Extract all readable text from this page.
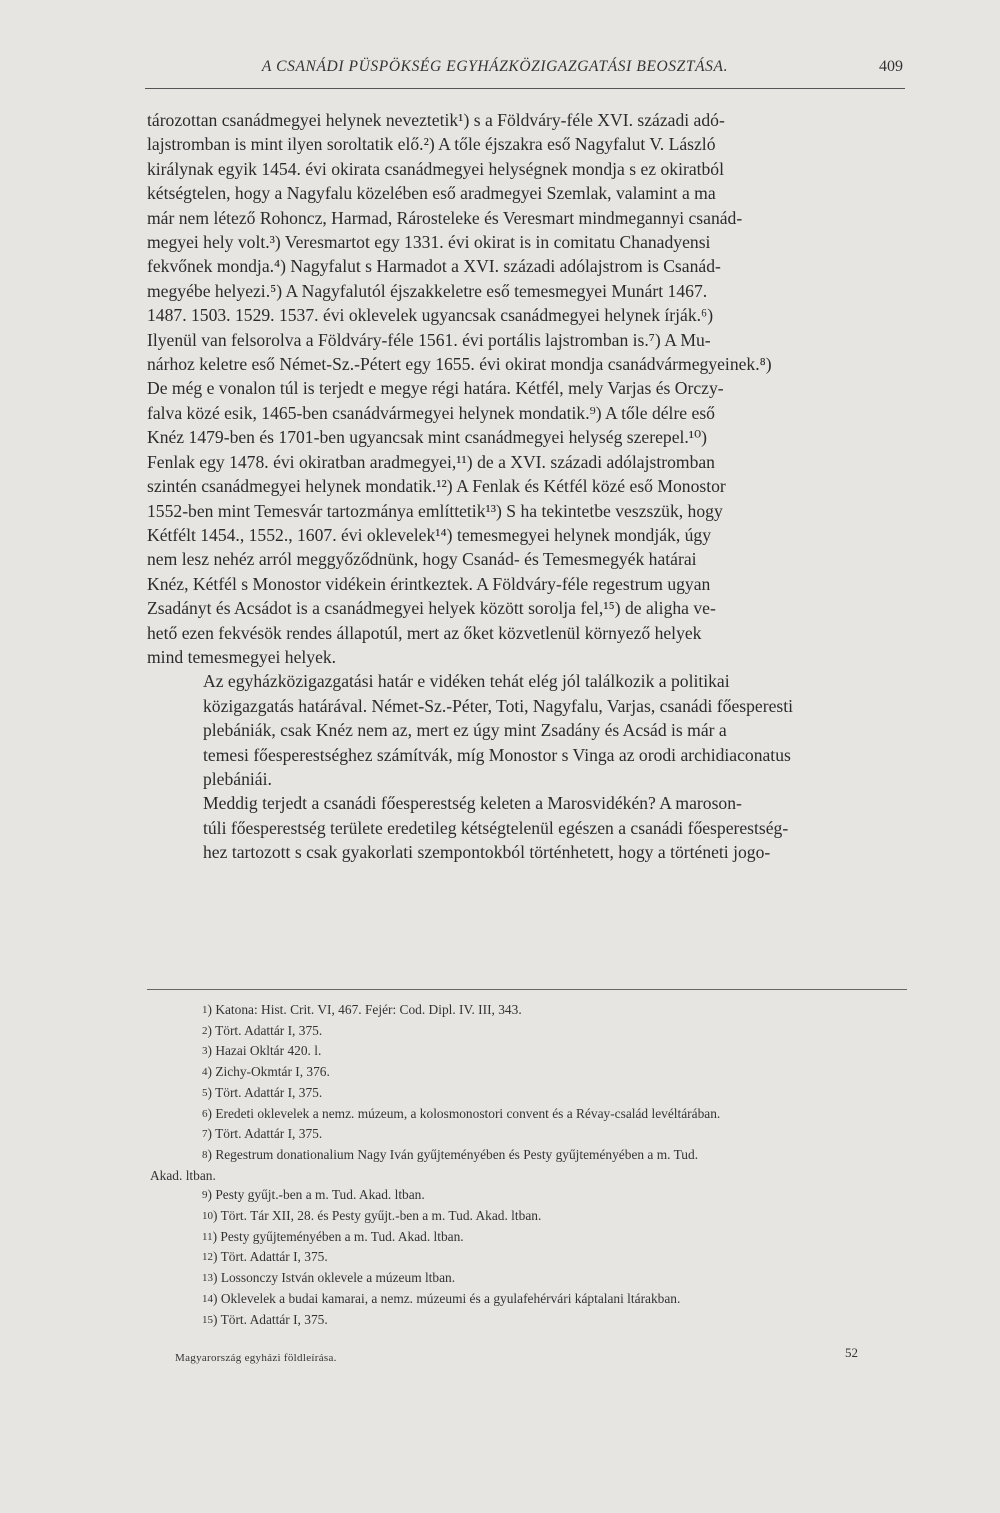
A CSANÁDI PÜSPÖKSÉG EGYHÁZKÖZIGAZGATÁSI BEOSZTÁSA.	409

tározottan csanádmegyei helynek neveztetik¹) s a Földváry-féle XVI. századi adó-
lajstromban is mint ilyen soroltatik elő.²) A tőle éjszakra eső Nagyfalut V. László
királynak egyik 1454. évi okirata csanádmegyei helységnek mondja s ez okiratból
kétségtelen, hogy a Nagyfalu közelében eső aradmegyei Szemlak, valamint a ma
már nem létező Rohoncz, Harmad, Rárosteleke és Veresmart mindmegannyi csanád-
megyei hely volt.³) Veresmartot egy 1331. évi okirat is in comitatu Chanadyensi
fekvőnek mondja.⁴) Nagyfalut s Harmadot a XVI. századi adólajstrom is Csanád-
megyébe helyezi.⁵) A Nagyfalutól éjszakkeletre eső temesmegyei Munárt 1467.
1487. 1503. 1529. 1537. évi oklevelek ugyancsak csanádmegyei helynek írják.⁶)
Ilyenül van felsorolva a Földváry-féle 1561. évi portális lajstromban is.⁷) A Mu-
nárhoz keletre eső Német-Sz.-Pétert egy 1655. évi okirat mondja csanádvármegyeinek.⁸)
De még e vonalon túl is terjedt e megye régi határa. Kétfél, mely Varjas és Orczy-
falva közé esik, 1465-ben csanádvármegyei helynek mondatik.⁹) A tőle délre eső
Knéz 1479-ben és 1701-ben ugyancsak mint csanádmegyei helység szerepel.¹⁰)
Fenlak egy 1478. évi okiratban aradmegyei,¹¹) de a XVI. századi adólajstromban
szintén csanádmegyei helynek mondatik.¹²) A Fenlak és Kétfél közé eső Monostor
1552-ben mint Temesvár tartozmánya említtetik¹³) S ha tekintetbe veszszük, hogy
Kétfélt 1454., 1552., 1607. évi oklevelek¹⁴) temesmegyei helynek mondják, úgy
nem lesz nehéz arról meggyőződnünk, hogy Csanád- és Temesmegyék határai
Knéz, Kétfél s Monostor vidékein érintkeztek. A Földváry-féle regestrum ugyan
Zsadányt és Acsádot is a csanádmegyei helyek között sorolja fel,¹⁵) de aligha ve-
hető ezen fekvésök rendes állapotúl, mert az őket közvetlenül környező helyek
mind temesmegyei helyek.

Az egyházközigazgatási határ e vidéken tehát elég jól találkozik a politikai
közigazgatás határával. Német-Sz.-Péter, Toti, Nagyfalu, Varjas, csanádi főesperesti
plebániák, csak Knéz nem az, mert ez úgy mint Zsadány és Acsád is már a
temesi főesperestséghez számítvák, míg Monostor s Vinga az orodi archidiaconatus
plebániái.

Meddig terjedt a csanádi főesperestség keleten a Marosvidékén? A maroson-
túli főesperestség területe eredetileg kétségtelenül egészen a csanádi főesperestség-
hez tartozott s csak gyakorlati szempontokból történhetett, hogy a történeti jogo-

1) Katona: Hist. Crit. VI, 467. Fejér: Cod. Dipl. IV. III, 343.
2) Tört. Adattár I, 375.
3) Hazai Okltár 420. l.
4) Zichy-Okmtár I, 376.
5) Tört. Adattár I, 375.
6) Eredeti oklevelek a nemz. múzeum, a kolosmonostori convent és a Révay-család levéltárában.
7) Tört. Adattár I, 375.
8) Regestrum donationalium Nagy Iván gyűjteményében és Pesty gyűjteményében a m. Tud.
Akad. ltban.
9) Pesty gyűjt.-ben a m. Tud. Akad. ltban.
10) Tört. Tár XII, 28. és Pesty gyűjt.-ben a m. Tud. Akad. ltban.
11) Pesty gyűjteményében a m. Tud. Akad. ltban.
12) Tört. Adattár I, 375.
13) Lossonczy István oklevele a múzeum ltban.
14) Oklevelek a budai kamarai, a nemz. múzeumi és a gyulafehérvári káptalani ltárakban.
15) Tört. Adattár I, 375.
Magyarország egyházi földleírása.	52
